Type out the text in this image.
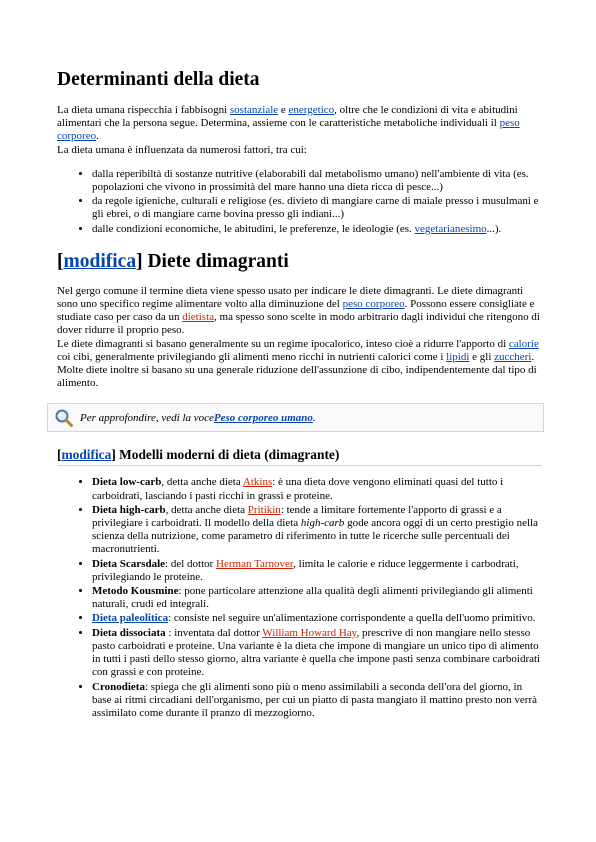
Determinanti della dieta

La dieta umana rispecchia i fabbisogni sostanziale e energetico, oltre che le condizioni di vita e abitudini alimentari che la persona segue. Determina, assieme con le caratteristiche metaboliche individuali il peso corporeo.
La dieta umana è influenzata da numerosi fattori, tra cui:

• dalla reperibiltà di sostanze nutritive (elaborabili dal metabolismo umano) nell'ambiente di vita (es. popolazioni che vivono in prossimità del mare hanno una dieta ricca di pesce...)
• da regole igieniche, culturali e religiose (es. divieto di mangiare carne di maiale presso i musulmani e gli ebrei, o di mangiare carne bovina presso gli indiani...)
• dalle condizioni economiche, le abitudini, le preferenze, le ideologie (es. vegetarianesimo...).
[modifica] Diete dimagranti

Nel gergo comune il termine dieta viene spesso usato per indicare le diete dimagranti. Le diete dimagranti sono uno specifico regime alimentare volto alla diminuzione del peso corporeo. Possono essere consigliate e studiate caso per caso da un dietista, ma spesso sono scelte in modo arbitrario dagli individui che ritengono di dover ridurre il proprio peso.
Le diete dimagranti si basano generalmente su un regime ipocalorico, inteso cioè a ridurre l'apporto di calorie coi cibi, generalmente privilegiando gli alimenti meno ricchi in nutrienti calorici come i lipidi e gli zuccheri. Molte diete inoltre si basano su una generale riduzione dell'assunzione di cibo, indipendentemente dal tipo di alimento.

Per approfondire, vedi la voce Peso corporeo umano .
[modifica] Modelli moderni di dieta (dimagrante)
• Dieta low-carb, detta anche dieta Atkins: è una dieta dove vengono eliminati quasi del tutto i carboidrati, lasciando i pasti ricchi in grassi e proteine.
• Dieta high-carb, detta anche dieta Pritikin: tende a limitare fortemente l'apporto di grassi e a privilegiare i carboidrati. Il modello della dieta high-carb gode ancora oggi di un certo prestigio nella scienza della nutrizione, come parametro di riferimento in tutte le ricerche sulle percentuali dei macronutrienti.
• Dieta Scarsdale: del dottor Herman Tarnover, limita le calorie e riduce leggermente i carbodrati, privilegiando le proteine.
• Metodo Kousmine: pone particolare attenzione alla qualità degli alimenti privilegiando gli alimenti naturali, crudi ed integrali.
• Dieta paleolitica: consiste nel seguire un'alimentazione corrispondente a quella dell'uomo primitivo.
• Dieta dissociata : inventata dal dottor William Howard Hay, prescrive di non mangiare nello stesso pasto carboidrati e proteine. Una variante è la dieta che impone di mangiare un unico tipo di alimento in tutti i pasti dello stesso giorno, altra variante è quella che impone pasti senza combinare carboidrati con grassi e con proteine.
• Cronodieta: spiega che gli alimenti sono più o meno assimilabili a seconda dell'ora del giorno, in base ai ritmi circadiani dell'organismo, per cui un piatto di pasta mangiato il mattino presto non verrà assimilato come durante il pranzo di mezzogiorno.
